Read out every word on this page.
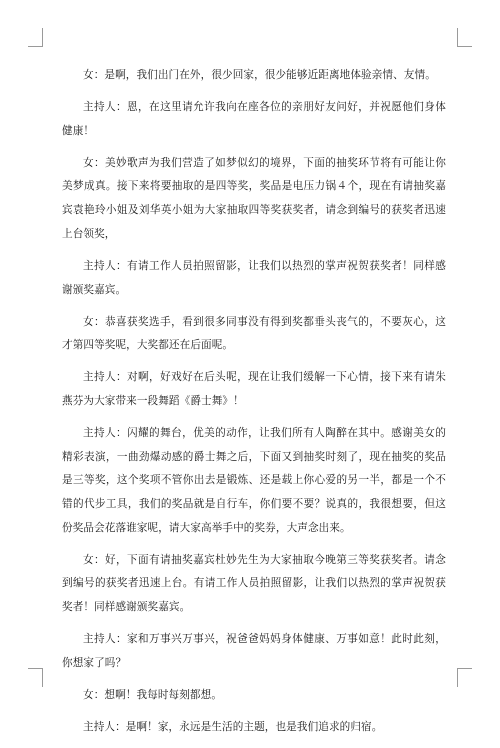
女：是啊，我们出门在外，很少回家，很少能够近距离地体验亲情、友情。

主持人：恩，在这里请允许我向在座各位的亲朋好友问好，并祝愿他们身体健康！

女：美妙歌声为我们营造了如梦似幻的境界，下面的抽奖环节将有可能让你美梦成真。接下来将要抽取的是四等奖，奖品是电压力锅４个，现在有请抽奖嘉宾袁艳玲小姐及刘华英小姐为大家抽取四等奖获奖者，请念到编号的获奖者迅速上台领奖，

主持人：有请工作人员拍照留影，让我们以热烈的掌声祝贺获奖者！同样感谢颁奖嘉宾。

女：恭喜获奖选手，看到很多同事没有得到奖都垂头丧气的，不要灰心，这才第四等奖呢，大奖都还在后面呢。

主持人：对啊，好戏好在后头呢，现在让我们缓解一下心情，接下来有请朱燕芬为大家带来一段舞蹈《爵士舞》！

主持人：闪耀的舞台，优美的动作，让我们所有人陶醉在其中。感谢美女的精彩表演，一曲劲爆动感的爵士舞之后，下面又到抽奖时刻了，现在抽奖的奖品是三等奖，这个奖项不管你出去是锻炼、还是载上你心爱的另一半，都是一个不错的代步工具，我们的奖品就是自行车，你们要不要？说真的，我很想要，但这份奖品会花落谁家呢，请大家高举手中的奖券，大声念出来。

女：好，下面有请抽奖嘉宾杜妙先生为大家抽取今晚第三等奖获奖者。请念到编号的获奖者迅速上台。有请工作人员拍照留影，让我们以热烈的掌声祝贺获奖者！同样感谢颁奖嘉宾。

主持人：家和万事兴万事兴，祝爸爸妈妈身体健康、万事如意！此时此刻，你想家了吗？

女：想啊！我每时每刻都想。

主持人：是啊！家，永远是生活的主题，也是我们追求的归宿。
